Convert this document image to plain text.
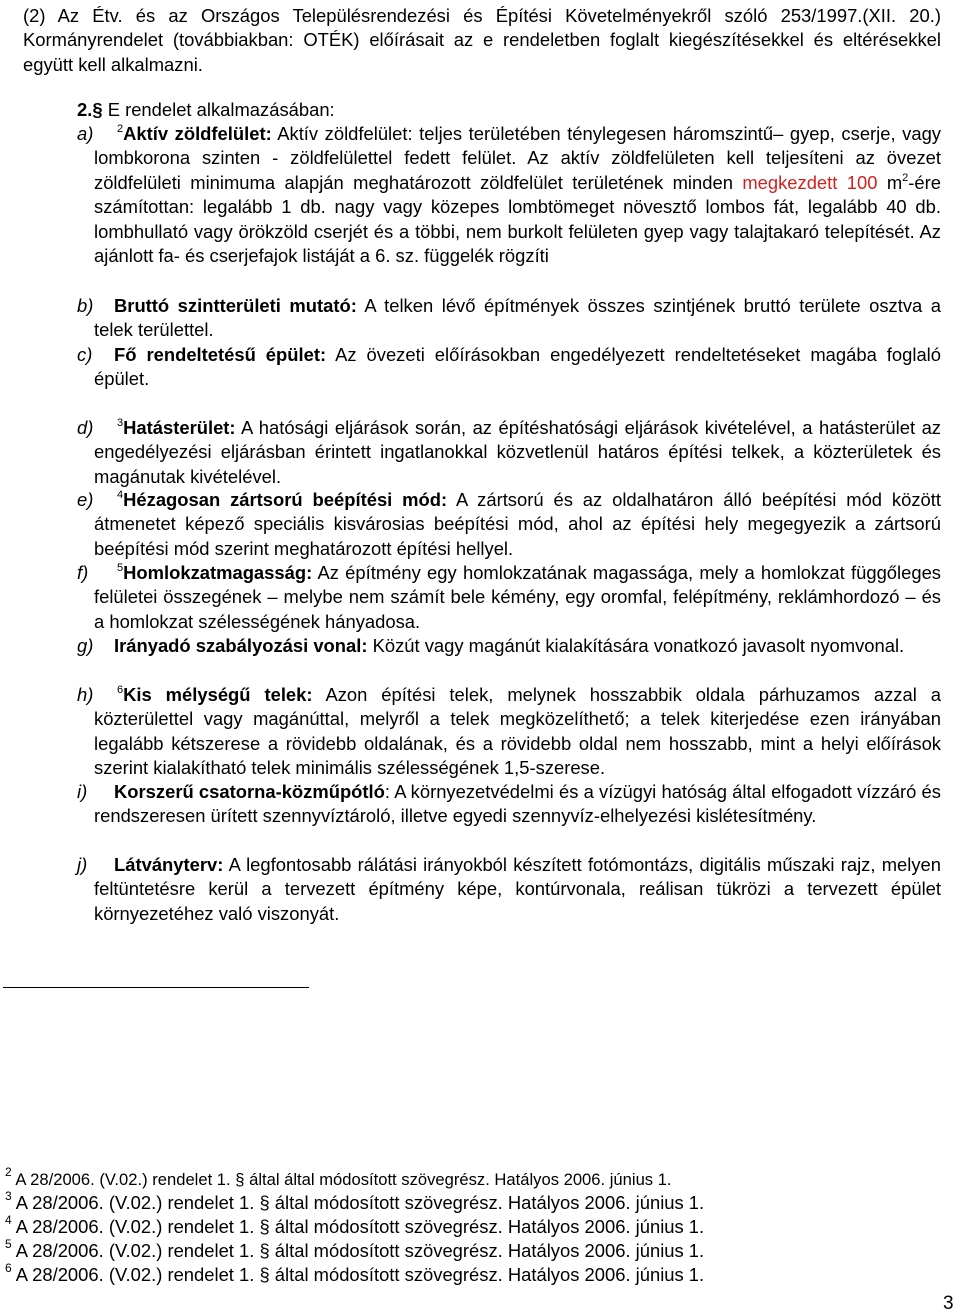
(2) Az Étv. és az Országos Településrendezési és Építési Követelményekről szóló 253/1997.(XII. 20.) Kormányrendelet (továbbiakban: OTÉK) előírásait az e rendeletben foglalt kiegészítésekkel és eltérésekkel együtt kell alkalmazni.
2.§ E rendelet alkalmazásában:
a)	$^2$Aktív zöldfelület: Aktív zöldfelület: teljes területében ténylegesen háromszintű– gyep, cserje, vagy lombkorona szinten - zöldfelülettel fedett felület. Az aktív zöldfelületen kell teljesíteni az övezet zöldfelületi minimuma alapján meghatározott zöldfelület területének minden megkezdett 100 $m^2$-ére számítottan: legalább 1 db. nagy vagy közepes lombtömeget növesztő lombos fát, legalább 40 db. lombhullató vagy örökzöld cserjét és a többi, nem burkolt felületen gyep vagy talajtakaró telepítését. Az ajánlott fa- és cserjefajok listáját a 6. sz. függelék rögzíti
b)	Bruttó szintterületi mutató: A telken lévő építmények összes szintjének bruttó területe osztva a telek területtel.
c)	Fő rendeltetésű épület: Az övezeti előírásokban engedélyezett rendeltetéseket magába foglaló épület.
d)	$^3$Hatásterület: A hatósági eljárások során, az építéshatósági eljárások kivételével, a hatásterület az engedélyezési eljárásban érintett ingatlanokkal közvetlenül határos építési telkek, a közterületek és magánutak kivételével.
e)	$^4$Hézagosan zártsorú beépítési mód: A zártsorú és az oldalhatáron álló beépítési mód között átmenetet képező speciális kisvárosias beépítési mód, ahol az építési hely megegyezik a zártsorú beépítési mód szerint meghatározott építési hellyel.
f)	$^5$Homlokzatmagasság: Az építmény egy homlokzatának magassága, mely a homlokzat függőleges felületei összegének – melybe nem számít bele kémény, egy oromfal, felépítmény, reklámhordozó – és a homlokzat szélességének hányadosa.
g)	Irányadó szabályozási vonal: Közút vagy magánút kialakítására vonatkozó javasolt nyomvonal.
h)	$^6$Kis mélységű telek: Azon építési telek, melynek hosszabbik oldala párhuzamos azzal a közterülettel vagy magánúttal, melyről a telek megközelíthető; a telek kiterjedése ezen irányában legalább kétszerese a rövidebb oldalának, és a rövidebb oldal nem hosszabb, mint a helyi előírások szerint kialakítható telek minimális szélességének 1,5-szerese.
i)	Korszerű csatorna-közműpótló: A környezetvédelmi és a vízügyi hatóság által elfogadott vízzáró és rendszeresen ürített szennyvíztároló, illetve egyedi szennyvíz-elhelyezési kislétesítmény.
j)	Látványterv: A legfontosabb rálátási irányokból készített fotómontázs, digitális műszaki rajz, melyen feltüntetésre kerül a tervezett építmény képe, kontúrvonala, reálisan tükrözi a tervezett épület környezetéhez való viszonyát.
$^2$ A 28/2006. (V.02.) rendelet 1. § által által módosított szövegrész. Hatályos 2006. június 1.
$^3$ A 28/2006. (V.02.) rendelet 1. § által módosított szövegrész. Hatályos 2006. június 1.
$^4$ A 28/2006. (V.02.) rendelet 1. § által módosított szövegrész. Hatályos 2006. június 1.
$^5$ A 28/2006. (V.02.) rendelet 1. § által módosított szövegrész. Hatályos 2006. június 1.
$^6$ A 28/2006. (V.02.) rendelet 1. § által módosított szövegrész. Hatályos 2006. június 1.
3
